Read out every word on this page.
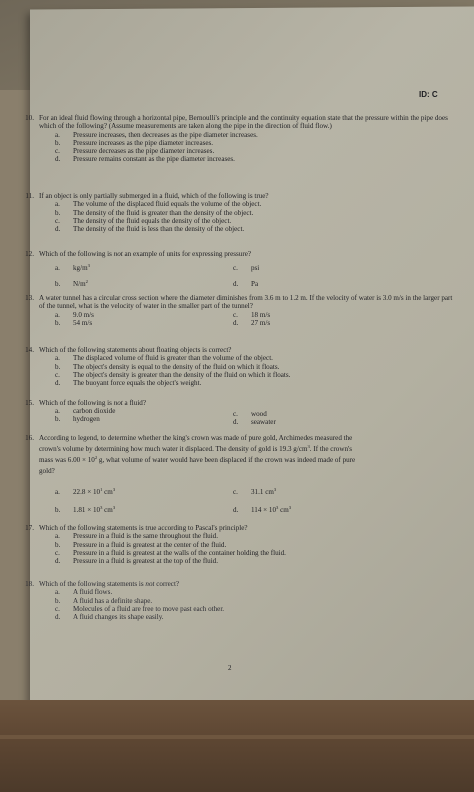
ID: C
10. For an ideal fluid flowing through a horizontal pipe, Bernoulli's principle and the continuity equation state that the pressure within the pipe does which of the following? (Assume measurements are taken along the pipe in the direction of fluid flow.)
a.	Pressure increases, then decreases as the pipe diameter increases.
b.	Pressure increases as the pipe diameter increases.
c.	Pressure decreases as the pipe diameter increases.
d.	Pressure remains constant as the pipe diameter increases.
11. If an object is only partially submerged in a fluid, which of the following is true?
a.	The volume of the displaced fluid equals the volume of the object.
b.	The density of the fluid is greater than the density of the object.
c.	The density of the fluid equals the density of the object.
d.	The density of the fluid is less than the density of the object.
12. Which of the following is not an example of units for expressing pressure?
a. $kg/m^3$
b. $N/m^2$
c. psi
d. Pa
13. A water tunnel has a circular cross section where the diameter diminishes from 3.6 m to 1.2 m. If the velocity of water is 3.0 m/s in the larger part of the tunnel, what is the velocity of water in the smaller part of the tunnel?
a. 9.0 m/s
b. 54 m/s
c. 18 m/s
d. 27 m/s
14. Which of the following statements about floating objects is correct?
a.	The displaced volume of fluid is greater than the volume of the object.
b.	The object's density is equal to the density of the fluid on which it floats.
c.	The object's density is greater than the density of the fluid on which it floats.
d.	The buoyant force equals the object's weight.
15. Which of the following is not a fluid?
a. carbon dioxide
b. hydrogen
c. wood
d. seawater
16. According to legend, to determine whether the king's crown was made of pure gold, Archimedes measured the
crown's volume by determining how much water it displaced. The density of gold is 19.3 $g/cm^3$. If the crown's
mass was $6.00 \times 10^2$ g, what volume of water would have been displaced if the crown was indeed made of pure
gold?
a. $22.8 \times 10^1$ $cm^3$
b. $1.81 \times 10^3$ $cm^3$
c. 31.1 $cm^3$
d. $114 \times 10^3$ $cm^3$
17. Which of the following statements is true according to Pascal's principle?
a.	Pressure in a fluid is the same throughout the fluid.
b.	Pressure in a fluid is greatest at the center of the fluid.
c.	Pressure in a fluid is greatest at the walls of the container holding the fluid.
d.	Pressure in a fluid is greatest at the top of the fluid.
18. Which of the following statements is not correct?
a.	A fluid flows.
b.	A fluid has a definite shape.
c.	Molecules of a fluid are free to move past each other.
d.	A fluid changes its shape easily.
2
